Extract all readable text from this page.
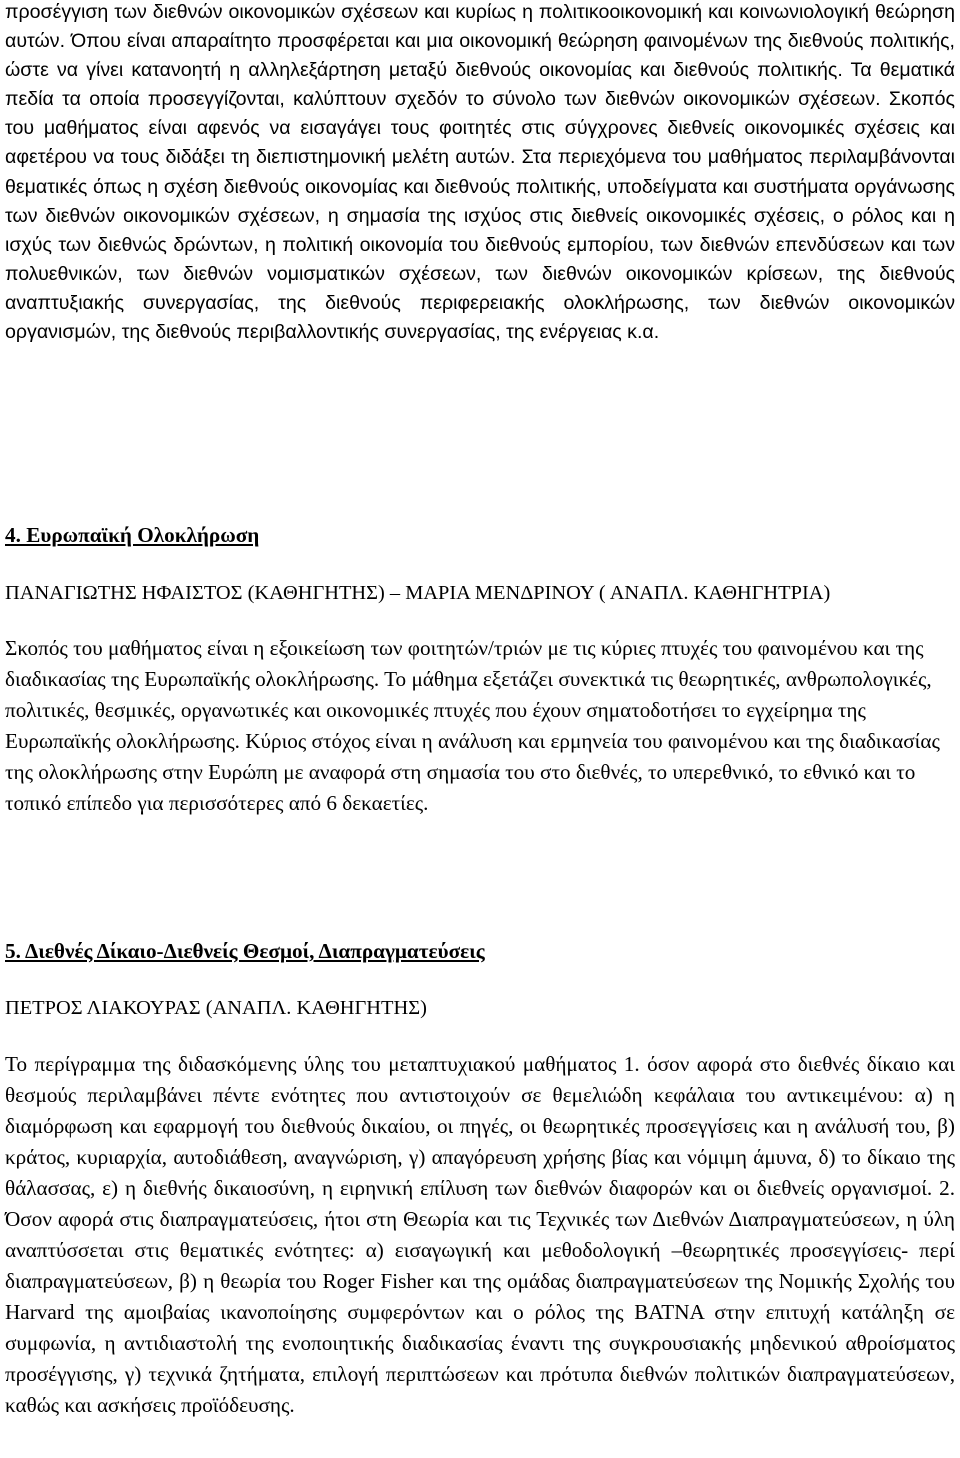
προσέγγιση των διεθνών οικονομικών σχέσεων και κυρίως η πολιτικοοικονομική και κοινωνιολογική θεώρηση αυτών. Όπου είναι απαραίτητο προσφέρεται και μια οικονομική θεώρηση φαινομένων της διεθνούς πολιτικής, ώστε να γίνει κατανοητή η αλληλεξάρτηση μεταξύ διεθνούς οικονομίας και διεθνούς πολιτικής. Τα θεματικά πεδία τα οποία προσεγγίζονται, καλύπτουν σχεδόν το σύνολο των διεθνών οικονομικών σχέσεων. Σκοπός του μαθήματος είναι αφενός να εισαγάγει τους φοιτητές στις σύγχρονες διεθνείς οικονομικές σχέσεις και αφετέρου να τους διδάξει τη διεπιστημονική μελέτη αυτών. Στα περιεχόμενα του μαθήματος περιλαμβάνονται θεματικές όπως η σχέση διεθνούς οικονομίας και διεθνούς πολιτικής, υποδείγματα και συστήματα οργάνωσης των διεθνών οικονομικών σχέσεων, η σημασία της ισχύος στις διεθνείς οικονομικές σχέσεις, ο ρόλος και η ισχύς των διεθνώς δρώντων, η πολιτική οικονομία του διεθνούς εμπορίου, των διεθνών επενδύσεων και των πολυεθνικών, των διεθνών νομισματικών σχέσεων, των διεθνών οικονομικών κρίσεων, της διεθνούς αναπτυξιακής συνεργασίας, της διεθνούς περιφερειακής ολοκλήρωσης, των διεθνών οικονομικών οργανισμών, της διεθνούς περιβαλλοντικής συνεργασίας, της ενέργειας κ.α.

4. Ευρωπαϊκή Ολοκλήρωση

ΠΑΝΑΓΙΩΤΗΣ ΗΦΑΙΣΤΟΣ (ΚΑΘΗΓΗΤΗΣ) – ΜΑΡΙΑ ΜΕΝΔΡΙΝΟΥ ( ΑΝΑΠΛ. ΚΑΘΗΓΗΤΡΙΑ)

Σκοπός του μαθήματος είναι η εξοικείωση των φοιτητών/τριών με τις κύριες πτυχές του φαινομένου και της διαδικασίας της Ευρωπαϊκής ολοκλήρωσης. Το μάθημα εξετάζει συνεκτικά τις θεωρητικές, ανθρωπολογικές, πολιτικές, θεσμικές, οργανωτικές και οικονομικές πτυχές που έχουν σηματοδοτήσει το εγχείρημα της Ευρωπαϊκής ολοκλήρωσης. Κύριος στόχος είναι η ανάλυση και ερμηνεία του φαινομένου και της διαδικασίας της ολοκλήρωσης στην Ευρώπη με αναφορά στη σημασία του στο διεθνές, το υπερεθνικό, το εθνικό και το τοπικό επίπεδο για περισσότερες από 6 δεκαετίες.

5. Διεθνές Δίκαιο-Διεθνείς Θεσμοί, Διαπραγματεύσεις

ΠΕΤΡΟΣ ΛΙΑΚΟΥΡΑΣ (ΑΝΑΠΛ. ΚΑΘΗΓΗΤΗΣ)

Το περίγραμμα της διδασκόμενης ύλης του μεταπτυχιακού μαθήματος 1. όσον αφορά στο διεθνές δίκαιο και θεσμούς περιλαμβάνει πέντε ενότητες που αντιστοιχούν σε θεμελιώδη κεφάλαια του αντικειμένου: α) η διαμόρφωση και εφαρμογή του διεθνούς δικαίου, οι πηγές, οι θεωρητικές προσεγγίσεις και η ανάλυσή του, β) κράτος, κυριαρχία, αυτοδιάθεση, αναγνώριση, γ) απαγόρευση χρήσης βίας και νόμιμη άμυνα, δ) το δίκαιο της θάλασσας, ε) η διεθνής δικαιοσύνη, η ειρηνική επίλυση των διεθνών διαφορών και οι διεθνείς οργανισμοί. 2. Όσον αφορά στις διαπραγματεύσεις, ήτοι στη Θεωρία και τις Τεχνικές των Διεθνών Διαπραγματεύσεων, η ύλη αναπτύσσεται στις θεματικές ενότητες: α) εισαγωγική και μεθοδολογική –θεωρητικές προσεγγίσεις- περί διαπραγματεύσεων, β) η θεωρία του Roger Fisher και της ομάδας διαπραγματεύσεων της Νομικής Σχολής του Harvard της αμοιβαίας ικανοποίησης συμφερόντων και ο ρόλος της BATNA στην επιτυχή κατάληξη σε συμφωνία, η αντιδιαστολή της ενοποιητικής διαδικασίας έναντι της συγκρουσιακής μηδενικού αθροίσματος προσέγγισης, γ) τεχνικά ζητήματα, επιλογή περιπτώσεων και πρότυπα διεθνών πολιτικών διαπραγματεύσεων, καθώς και ασκήσεις προϊόδευσης.
